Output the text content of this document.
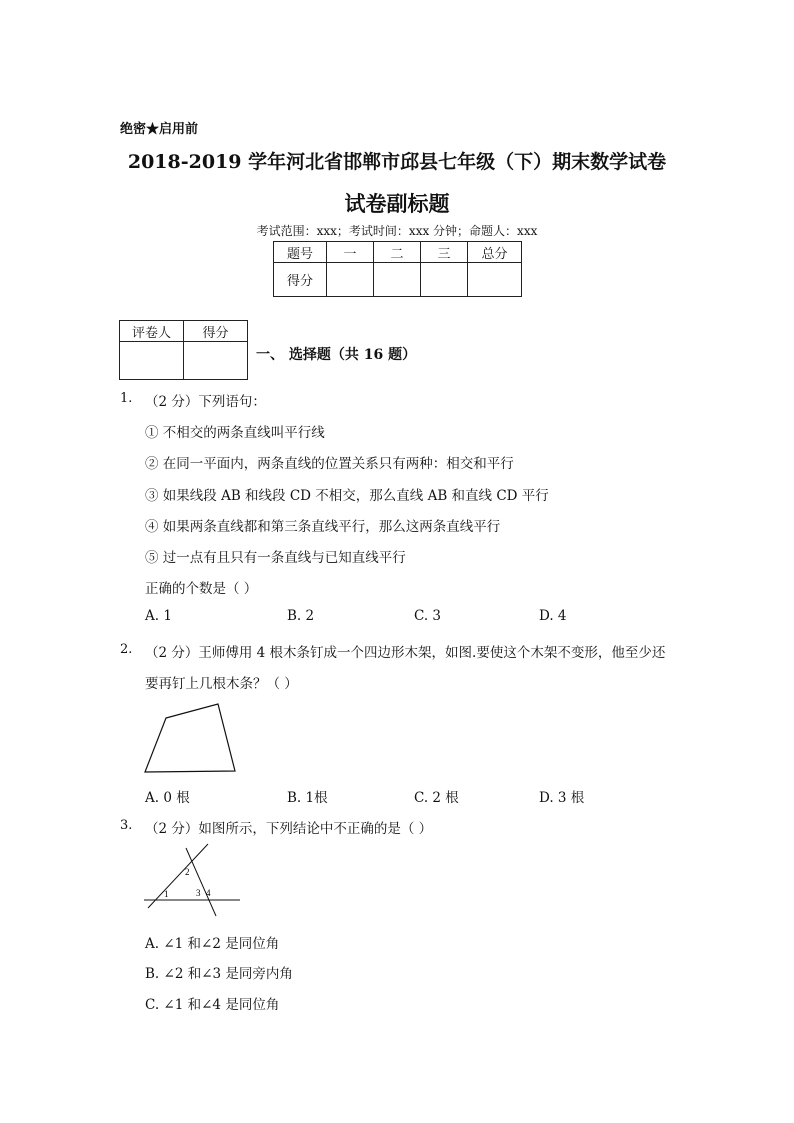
绝密★启用前
2018-2019 学年河北省邯郸市邱县七年级（下）期末数学试卷
试卷副标题
考试范围：xxx；考试时间：xxx 分钟；命题人：xxx
题号	一	二	三	总分
得分				
评卷人	得分

一、 选择题（共 16 题）
1. （2 分）下列语句：
① 不相交的两条直线叫平行线
② 在同一平面内，两条直线的位置关系只有两种：相交和平行
③ 如果线段 AB 和线段 CD 不相交，那么直线 AB 和直线 CD 平行
④ 如果两条直线都和第三条直线平行，那么这两条直线平行
⑤ 过一点有且只有一条直线与已知直线平行
正确的个数是（ ）
A. 1	B. 2	C. 3	D. 4
2. （2 分）王师傅用 4 根木条钉成一个四边形木架，如图.要使这个木架不变形，他至少还
要再钉上几根木条？（ ）
A. 0 根	B. 1根	C. 2 根	D. 3 根
3. （2 分）如图所示，下列结论中不正确的是（ ）
1
2
3 4
A. ∠1 和∠2 是同位角
B. ∠2 和∠3 是同旁内角
C. ∠1 和∠4 是同位角
